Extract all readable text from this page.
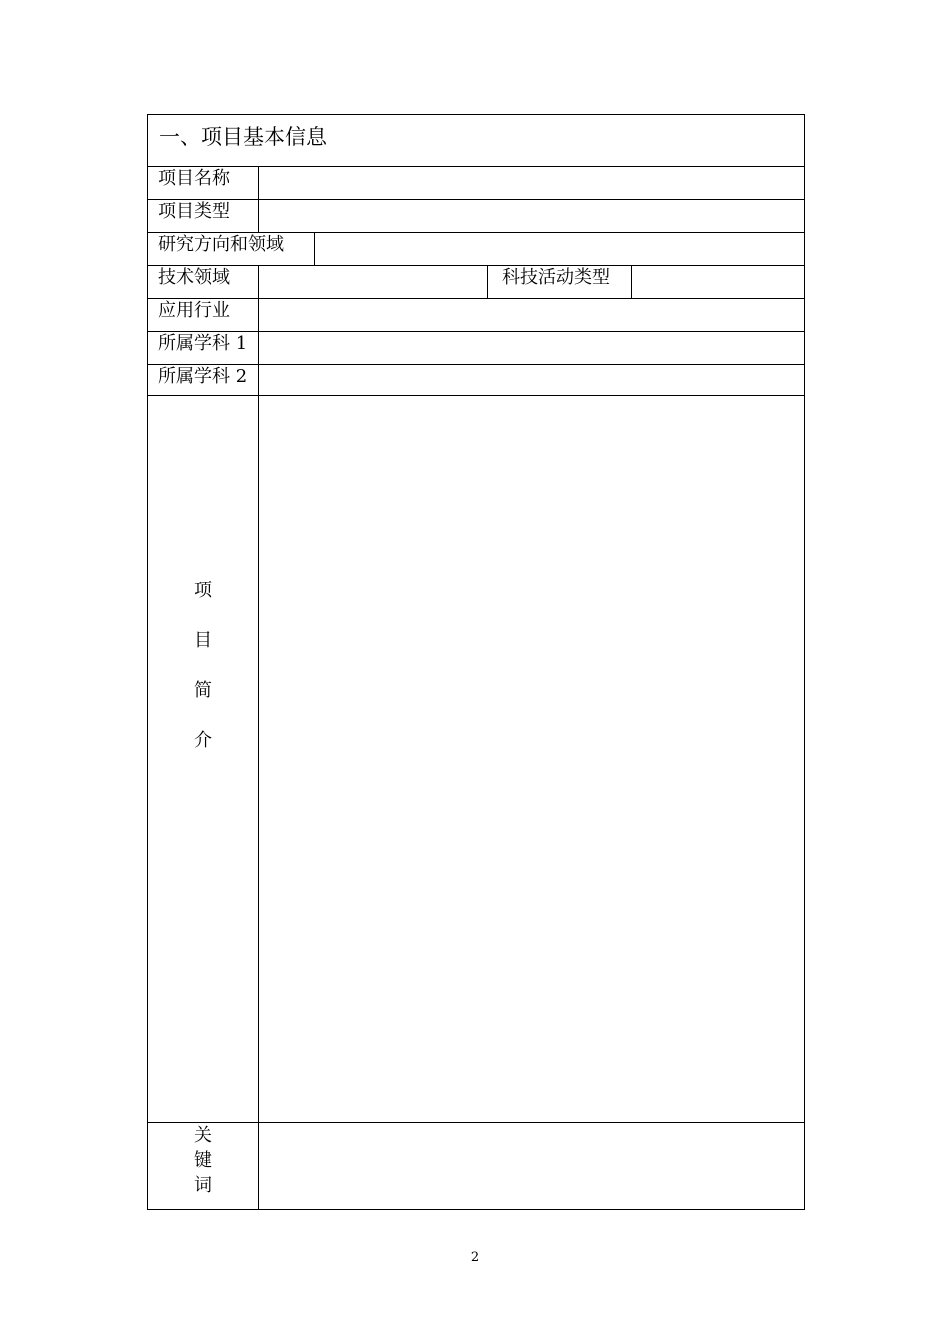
一、项目基本信息
项目名称
项目类型
研究方向和领域
技术领域	科技活动类型
应用行业
所属学科 1
所属学科 2
项
目
简
介
关
键
词
2
